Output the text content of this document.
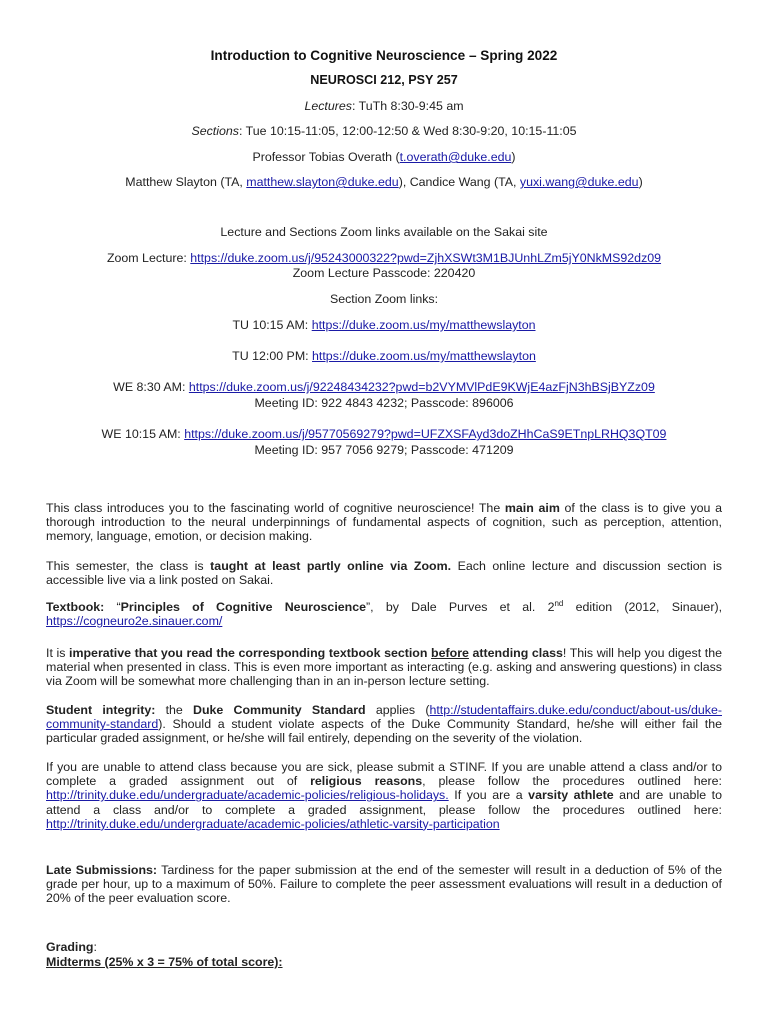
Introduction to Cognitive Neuroscience – Spring 2022
NEUROSCI 212, PSY 257
Lectures: TuTh 8:30-9:45 am
Sections: Tue 10:15-11:05, 12:00-12:50 & Wed 8:30-9:20, 10:15-11:05
Professor Tobias Overath (t.overath@duke.edu)
Matthew Slayton (TA, matthew.slayton@duke.edu), Candice Wang (TA, yuxi.wang@duke.edu)
Lecture and Sections Zoom links available on the Sakai site
Zoom Lecture: https://duke.zoom.us/j/95243000322?pwd=ZjhXSWt3M1BJUnhLZm5jY0NkMS92dz09
Zoom Lecture Passcode: 220420
Section Zoom links:
TU 10:15 AM: https://duke.zoom.us/my/matthewslayton
TU 12:00 PM: https://duke.zoom.us/my/matthewslayton
WE 8:30 AM: https://duke.zoom.us/j/92248434232?pwd=b2VYMVlPdE9KWjE4azFjN3hBSjBYZz09
Meeting ID: 922 4843 4232; Passcode: 896006
WE 10:15 AM: https://duke.zoom.us/j/95770569279?pwd=UFZXSFAyd3doZHhCaS9ETnpLRHQ3QT09
Meeting ID: 957 7056 9279; Passcode: 471209
This class introduces you to the fascinating world of cognitive neuroscience! The main aim of the class is to give you a thorough introduction to the neural underpinnings of fundamental aspects of cognition, such as perception, attention, memory, language, emotion, or decision making.
This semester, the class is taught at least partly online via Zoom. Each online lecture and discussion section is accessible live via a link posted on Sakai.
Textbook: “Principles of Cognitive Neuroscience”, by Dale Purves et al. 2nd edition (2012, Sinauer), https://cogneuro2e.sinauer.com/
It is imperative that you read the corresponding textbook section before attending class! This will help you digest the material when presented in class. This is even more important as interacting (e.g. asking and answering questions) in class via Zoom will be somewhat more challenging than in an in-person lecture setting.
Student integrity: the Duke Community Standard applies (http://studentaffairs.duke.edu/conduct/about-us/duke-community-standard). Should a student violate aspects of the Duke Community Standard, he/she will either fail the particular graded assignment, or he/she will fail entirely, depending on the severity of the violation.
If you are unable to attend class because you are sick, please submit a STINF. If you are unable attend a class and/or to complete a graded assignment out of religious reasons, please follow the procedures outlined here: http://trinity.duke.edu/undergraduate/academic-policies/religious-holidays. If you are a varsity athlete and are unable to attend a class and/or to complete a graded assignment, please follow the procedures outlined here: http://trinity.duke.edu/undergraduate/academic-policies/athletic-varsity-participation
Late Submissions: Tardiness for the paper submission at the end of the semester will result in a deduction of 5% of the grade per hour, up to a maximum of 50%. Failure to complete the peer assessment evaluations will result in a deduction of 20% of the peer evaluation score.
Grading:
Midterms (25% x 3 = 75% of total score):
